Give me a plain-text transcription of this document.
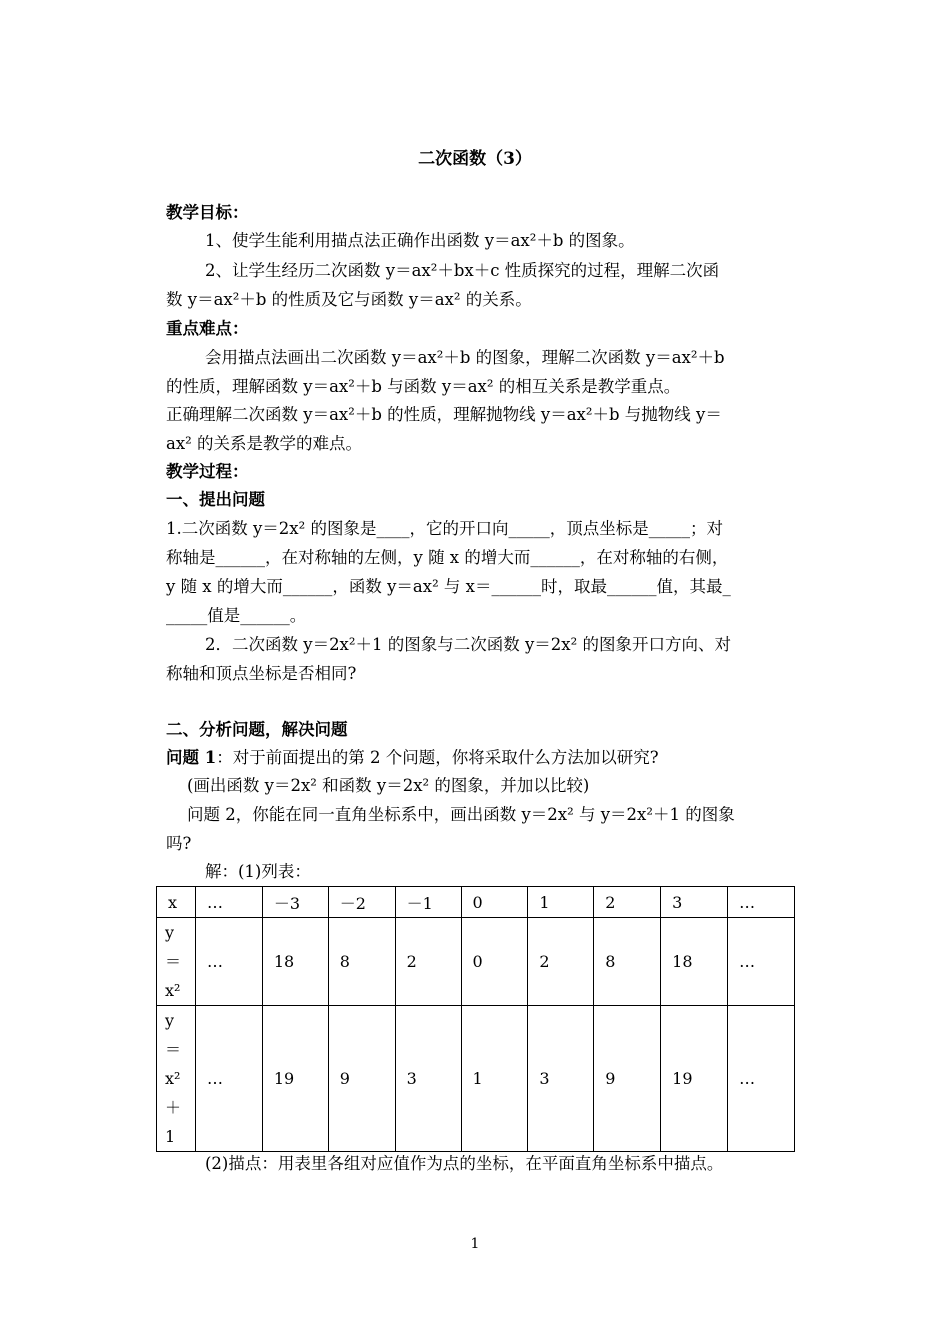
二次函数（3）
教学目标：
1、使学生能利用描点法正确作出函数 y＝ax²＋b 的图象。
2、让学生经历二次函数 y＝ax²＋bx＋c 性质探究的过程，理解二次函
数 y＝ax²＋b 的性质及它与函数 y＝ax² 的关系。
重点难点：
会用描点法画出二次函数 y＝ax²＋b 的图象，理解二次函数 y＝ax²＋b
的性质，理解函数 y＝ax²＋b 与函数 y＝ax² 的相互关系是教学重点。
正确理解二次函数 y＝ax²＋b 的性质，理解抛物线 y＝ax²＋b 与抛物线 y＝
ax² 的关系是教学的难点。
教学过程：
一、提出问题
1.二次函数 y＝2x² 的图象是____，它的开口向_____，顶点坐标是_____；对
称轴是______，在对称轴的左侧，y 随 x 的增大而______，在对称轴的右侧，
y 随 x 的增大而______，函数 y＝ax² 与 x＝______时，取最______值，其最_
_____值是______。
2．二次函数 y＝2x²＋1 的图象与二次函数 y＝2x² 的图象开口方向、对
称轴和顶点坐标是否相同?
二、分析问题，解决问题
问题 1：对于前面提出的第 2 个问题，你将采取什么方法加以研究?
(画出函数 y＝2x² 和函数 y＝2x² 的图象，并加以比较)
问题 2，你能在同一直角坐标系中，画出函数 y＝2x² 与 y＝2x²＋1 的图象
吗?
解：(1)列表：
x	…	－3	－2	－1	0	1	2	3	…

y
＝
x²	…	18	8	2	0	2	8	18	…

y
＝
x²
＋
1	…	19	9	3	1	3	9	19	…
(2)描点：用表里各组对应值作为点的坐标，在平面直角坐标系中描点。
1
